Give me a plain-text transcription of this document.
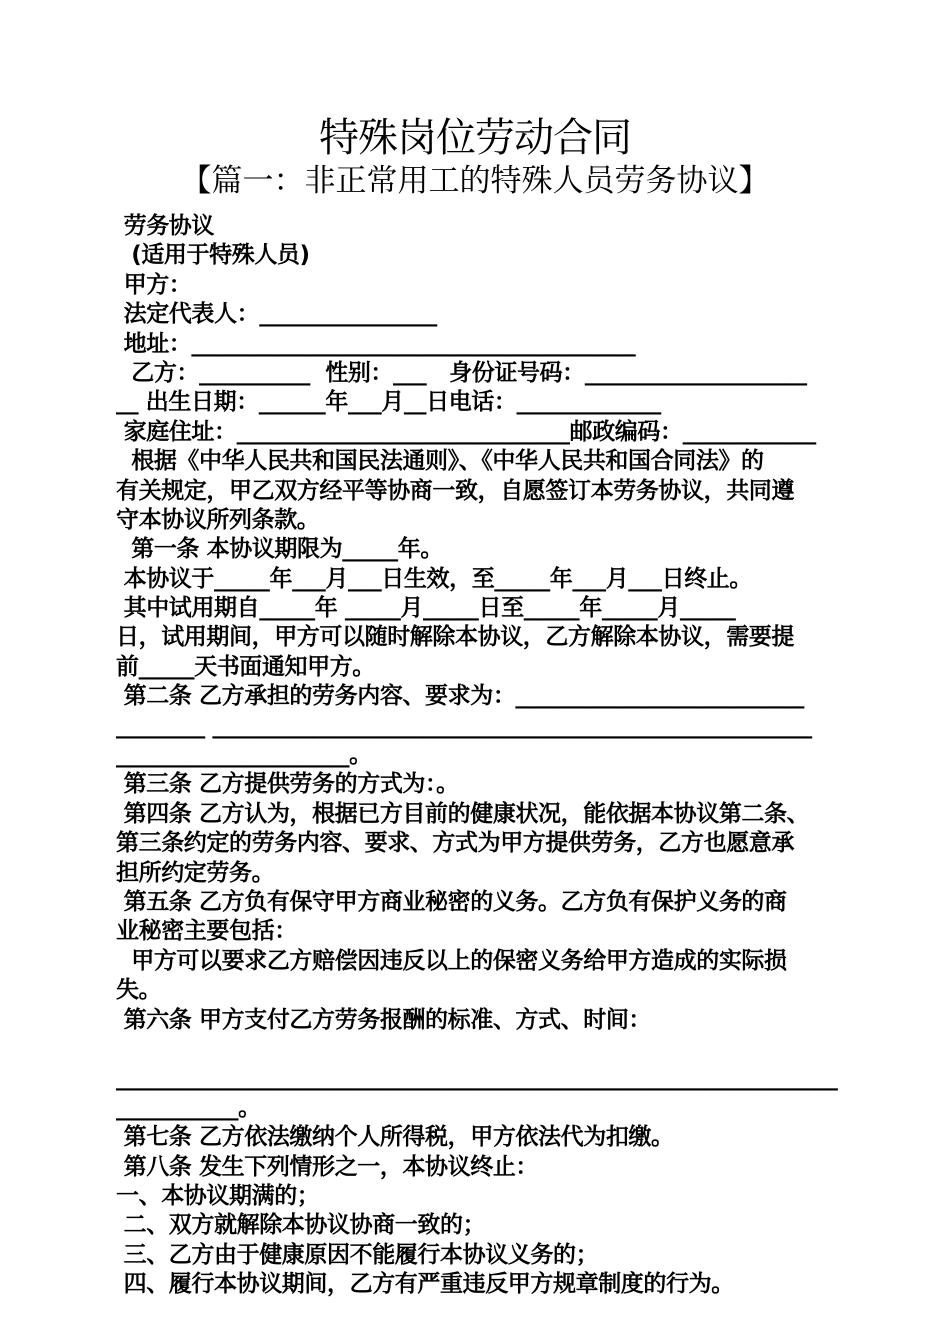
特殊岗位劳动合同
【篇一：非正常用工的特殊人员劳务协议】
劳务协议
(适用于特殊人员)
甲方：
法定代表人：________________
地址：________________________________________
乙方：__________  性别：___   身份证号码：____________________
__ 出生日期：______年___月__日电话：_____________
家庭住址：______________________________邮政编码：____________
根据《中华人民共和国民法通则》、《中华人民共和国合同法》的
有关规定，甲乙双方经平等协商一致，自愿签订本劳务协议，共同遵
守本协议所列条款。
第一条 本协议期限为_____年。
本协议于_____年___月___日生效，至_____年___月___日终止。
其中试用期自_____年 _____月_____日至_____年_____月_____
日，试用期间，甲方可以随时解除本协议，乙方解除本协议，需要提
前_____天书面通知甲方。
第二条 乙方承担的劳务内容、要求为：__________________________
________ ______________________________________________________
_____________________。
第三条 乙方提供劳务的方式为：。
第四条 乙方认为，根据已方目前的健康状况，能依据本协议第二条、
第三条约定的劳务内容、要求、方式为甲方提供劳务，乙方也愿意承
担所约定劳务。
第五条 乙方负有保守甲方商业秘密的义务。乙方负有保护义务的商
业秘密主要包括：
甲方可以要求乙方赔偿因违反以上的保密义务给甲方造成的实际损
失。
第六条 甲方支付乙方劳务报酬的标准、方式、时间：
_________________________________________________________________
___________。
第七条 乙方依法缴纳个人所得税，甲方依法代为扣缴。
第八条 发生下列情形之一，本协议终止：
一、本协议期满的；
二、双方就解除本协议协商一致的；
三、乙方由于健康原因不能履行本协议义务的；
四、履行本协议期间，乙方有严重违反甲方规章制度的行为。
